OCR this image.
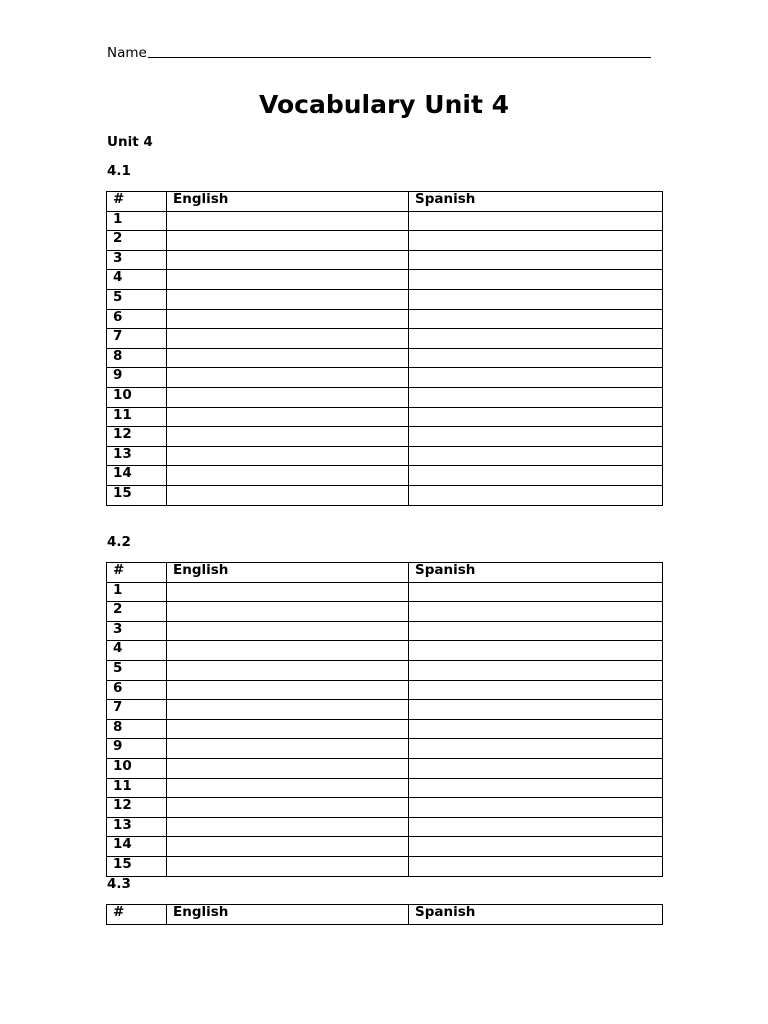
Name
Vocabulary Unit 4
Unit 4
4.1
#	English	Spanish
1		
2		
3		
4		
5		
6		
7		
8		
9		
10		
11		
12		
13		
14		
15		
4.2
#	English	Spanish
1		
2		
3		
4		
5		
6		
7		
8		
9		
10		
11		
12		
13		
14		
15		
4.3
#	English	Spanish
